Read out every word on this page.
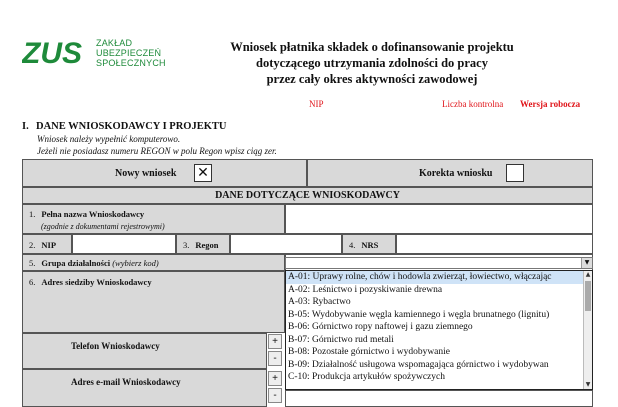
ZUS ZAKŁAD
UBEZPIECZEŃ
SPOŁECZNYCH
Wniosek płatnika składek o dofinansowanie projektu
dotyczącego utrzymania zdolności do pracy
przez cały okres aktywności zawodowej
NIP	Liczba kontrolna Wersja robocza
I. DANE WNIOSKODAWCY I PROJEKTU
Wniosek należy wypełnić komputerowo.
Jeżeli nie posiadasz numeru REGON w polu Regon wpisz ciąg zer.
Nowy wniosek ✕	Korekta wniosku
DANE DOTYCZĄCE WNIOSKODAWCY
1. Pełna nazwa Wnioskodawcy
(zgodnie z dokumentami rejestrowymi)
2. NIP	3. Regon	4. NRS
5. Grupa działalności (wybierz kod)	▼
6. Adres siedziby Wnioskodawcy
Telefon Wnioskodawcy	+
-
Adres e-mail Wnioskodawcy	+
-
A-01: Uprawy rolne, chów i hodowla zwierząt, łowiectwo, włączając
A-02: Leśnictwo i pozyskiwanie drewna
A-03: Rybactwo
B-05: Wydobywanie węgla kamiennego i węgla brunatnego (lignitu)
B-06: Górnictwo ropy naftowej i gazu ziemnego
B-07: Górnictwo rud metali
B-08: Pozostałe górnictwo i wydobywanie
B-09: Działalność usługowa wspomagająca górnictwo i wydobywan
C-10: Produkcja artykułów spożywczych
▲
▼
